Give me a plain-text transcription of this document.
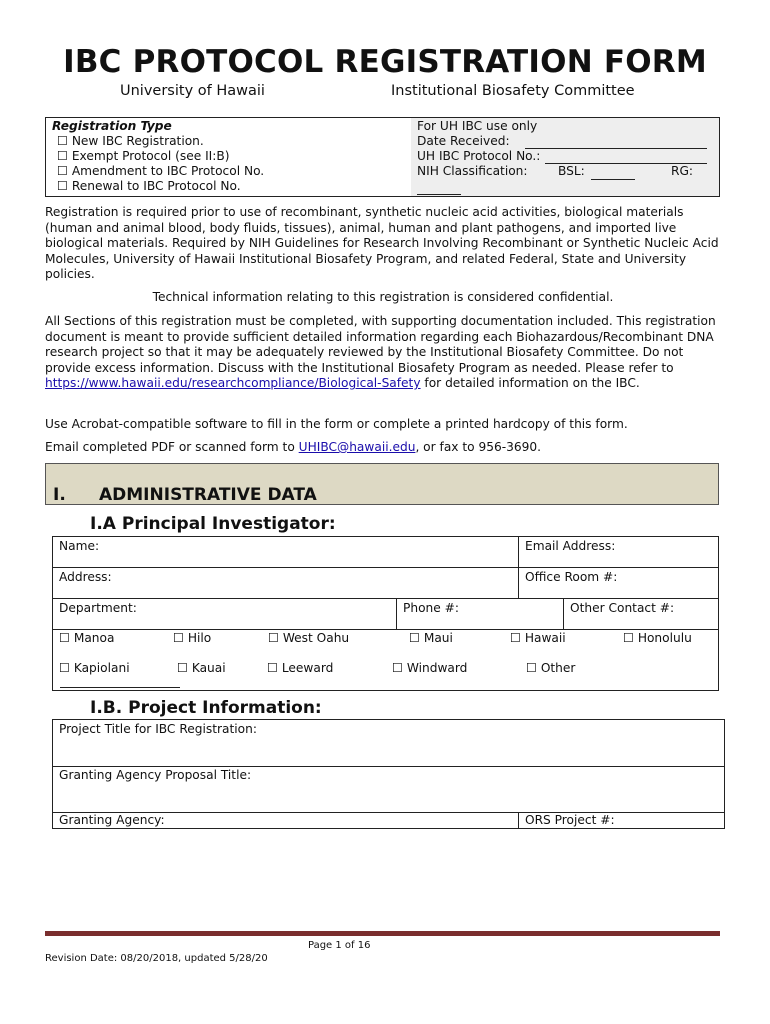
IBC PROTOCOL REGISTRATION FORM
University of Hawaii	Institutional Biosafety Committee
Registration Type
☐ New IBC Registration.
☐ Exempt Protocol (see II:B)
☐ Amendment to IBC Protocol No.
☐ Renewal to IBC Protocol No.
For UH IBC use only
Date Received:
UH IBC Protocol No.:
NIH Classification:	BSL:	RG:
Registration is required prior to use of recombinant, synthetic nucleic acid activities, biological materials (human and animal blood, body fluids, tissues), animal, human and plant pathogens, and imported live biological materials. Required by NIH Guidelines for Research Involving Recombinant or Synthetic Nucleic Acid Molecules, University of Hawaii Institutional Biosafety Program, and related Federal, State and University policies.
Technical information relating to this registration is considered confidential.
All Sections of this registration must be completed, with supporting documentation included. This registration document is meant to provide sufficient detailed information regarding each Biohazardous/Recombinant DNA research project so that it may be adequately reviewed by the Institutional Biosafety Committee. Do not provide excess information. Discuss with the Institutional Biosafety Program as needed. Please refer to https://www.hawaii.edu/researchcompliance/Biological-Safety for detailed information on the IBC.
Use Acrobat-compatible software to fill in the form or complete a printed hardcopy of this form.
Email completed PDF or scanned form to UHIBC@hawaii.edu, or fax to 956-3690.
I. ADMINISTRATIVE DATA
I.A Principal Investigator:
Name:	Email Address:
Address:	Office Room #:
Department:	Phone #:	Other Contact #:
☐ Manoa	☐ Hilo	☐ West Oahu	☐ Maui	☐ Hawaii	☐ Honolulu
☐ Kapiolani	☐ Kauai	☐ Leeward	☐ Windward	☐ Other
I.B. Project Information:
Project Title for IBC Registration:
Granting Agency Proposal Title:
Granting Agency:	ORS Project #:
Page 1 of 16
Revision Date: 08/20/2018, updated 5/28/20
